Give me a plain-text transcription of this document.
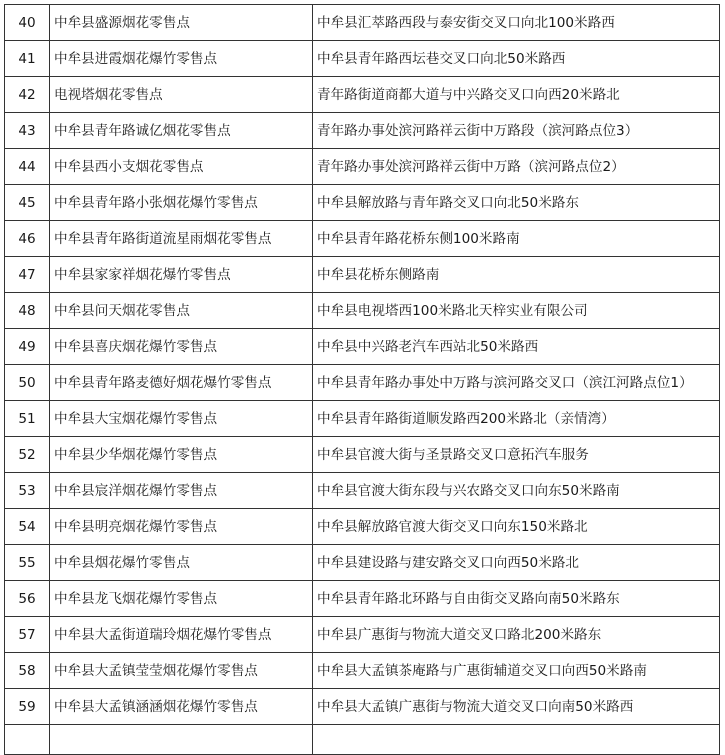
40	中牟县盛源烟花零售点	中牟县汇萃路西段与泰安街交叉口向北100米路西
41	中牟县进霞烟花爆竹零售点	中牟县青年路西坛巷交叉口向北50米路西
42	电视塔烟花零售点	青年路街道商都大道与中兴路交叉口向西20米路北
43	中牟县青年路诚亿烟花零售点	青年路办事处滨河路祥云街中万路段（滨河路点位3）
44	中牟县西小支烟花零售点	青年路办事处滨河路祥云街中万路（滨河路点位2）
45	中牟县青年路小张烟花爆竹零售点	中牟县解放路与青年路交叉口向北50米路东
46	中牟县青年路街道流星雨烟花零售点	中牟县青年路花桥东侧100米路南
47	中牟县家家祥烟花爆竹零售点	中牟县花桥东侧路南
48	中牟县问天烟花零售点	中牟县电视塔西100米路北天梓实业有限公司
49	中牟县喜庆烟花爆竹零售点	中牟县中兴路老汽车西站北50米路西
50	中牟县青年路麦德好烟花爆竹零售点	中牟县青年路办事处中万路与滨河路交叉口（滨江河路点位1）
51	中牟县大宝烟花爆竹零售点	中牟县青年路街道顺发路西200米路北（亲情湾）
52	中牟县少华烟花爆竹零售点	中牟县官渡大街与圣景路交叉口意拓汽车服务
53	中牟县宸洋烟花爆竹零售点	中牟县官渡大街东段与兴农路交叉口向东50米路南
54	中牟县明亮烟花爆竹零售点	中牟县解放路官渡大街交叉口向东150米路北
55	中牟县烟花爆竹零售点	中牟县建设路与建安路交叉口向西50米路北
56	中牟县龙飞烟花爆竹零售点	中牟县青年路北环路与自由街交叉路向南50米路东
57	中牟县大孟街道瑞玲烟花爆竹零售点	中牟县广惠街与物流大道交叉口路北200米路东
58	中牟县大孟镇莹莹烟花爆竹零售点	中牟县大孟镇茶庵路与广惠街辅道交叉口向西50米路南
59	中牟县大孟镇涵涵烟花爆竹零售点	中牟县大孟镇广惠街与物流大道交叉口向南50米路西
